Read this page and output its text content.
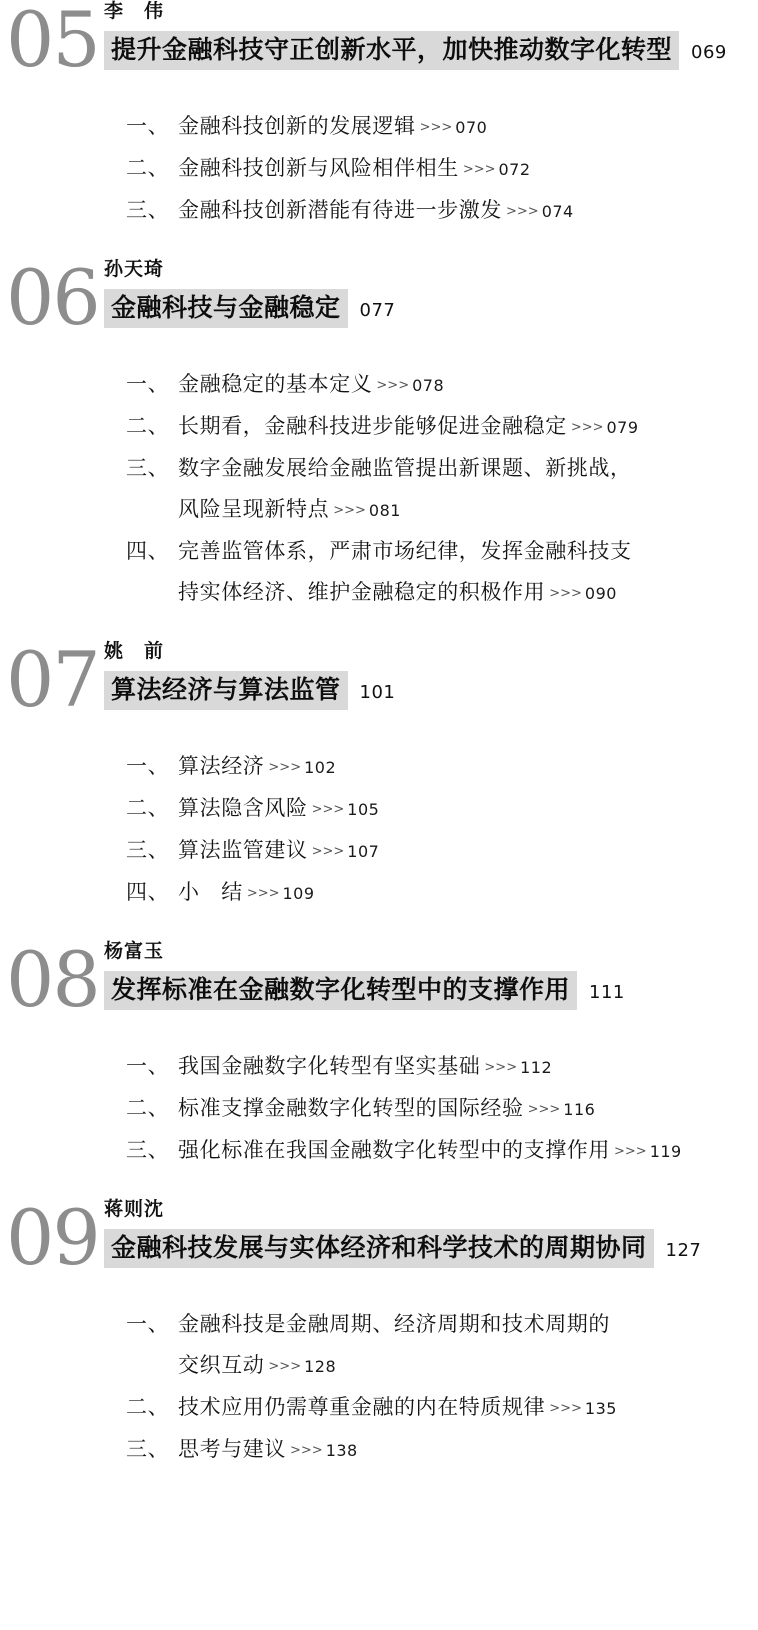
05 李　伟
提升金融科技守正创新水平，加快推动数字化转型	069
一、 金融科技创新的发展逻辑 >>> 070
二、 金融科技创新与风险相伴相生 >>> 072
三、 金融科技创新潜能有待进一步激发 >>> 074
06 孙天琦
金融科技与金融稳定	077
一、 金融稳定的基本定义 >>> 078
二、 长期看，金融科技进步能够促进金融稳定 >>> 079
三、 数字金融发展给金融监管提出新课题、新挑战，
风险呈现新特点 >>> 081
四、 完善监管体系，严肃市场纪律，发挥金融科技支
持实体经济、维护金融稳定的积极作用 >>> 090
07 姚　前
算法经济与算法监管	101
一、 算法经济 >>> 102
二、 算法隐含风险 >>> 105
三、 算法监管建议 >>> 107
四、 小　结 >>> 109
08 杨富玉
发挥标准在金融数字化转型中的支撑作用	111
一、 我国金融数字化转型有坚实基础 >>> 112
二、 标准支撑金融数字化转型的国际经验 >>> 116
三、 强化标准在我国金融数字化转型中的支撑作用 >>> 119
09 蒋则沈
金融科技发展与实体经济和科学技术的周期协同	127
一、 金融科技是金融周期、经济周期和技术周期的
交织互动 >>> 128
二、 技术应用仍需尊重金融的内在特质规律 >>> 135
三、 思考与建议 >>> 138
